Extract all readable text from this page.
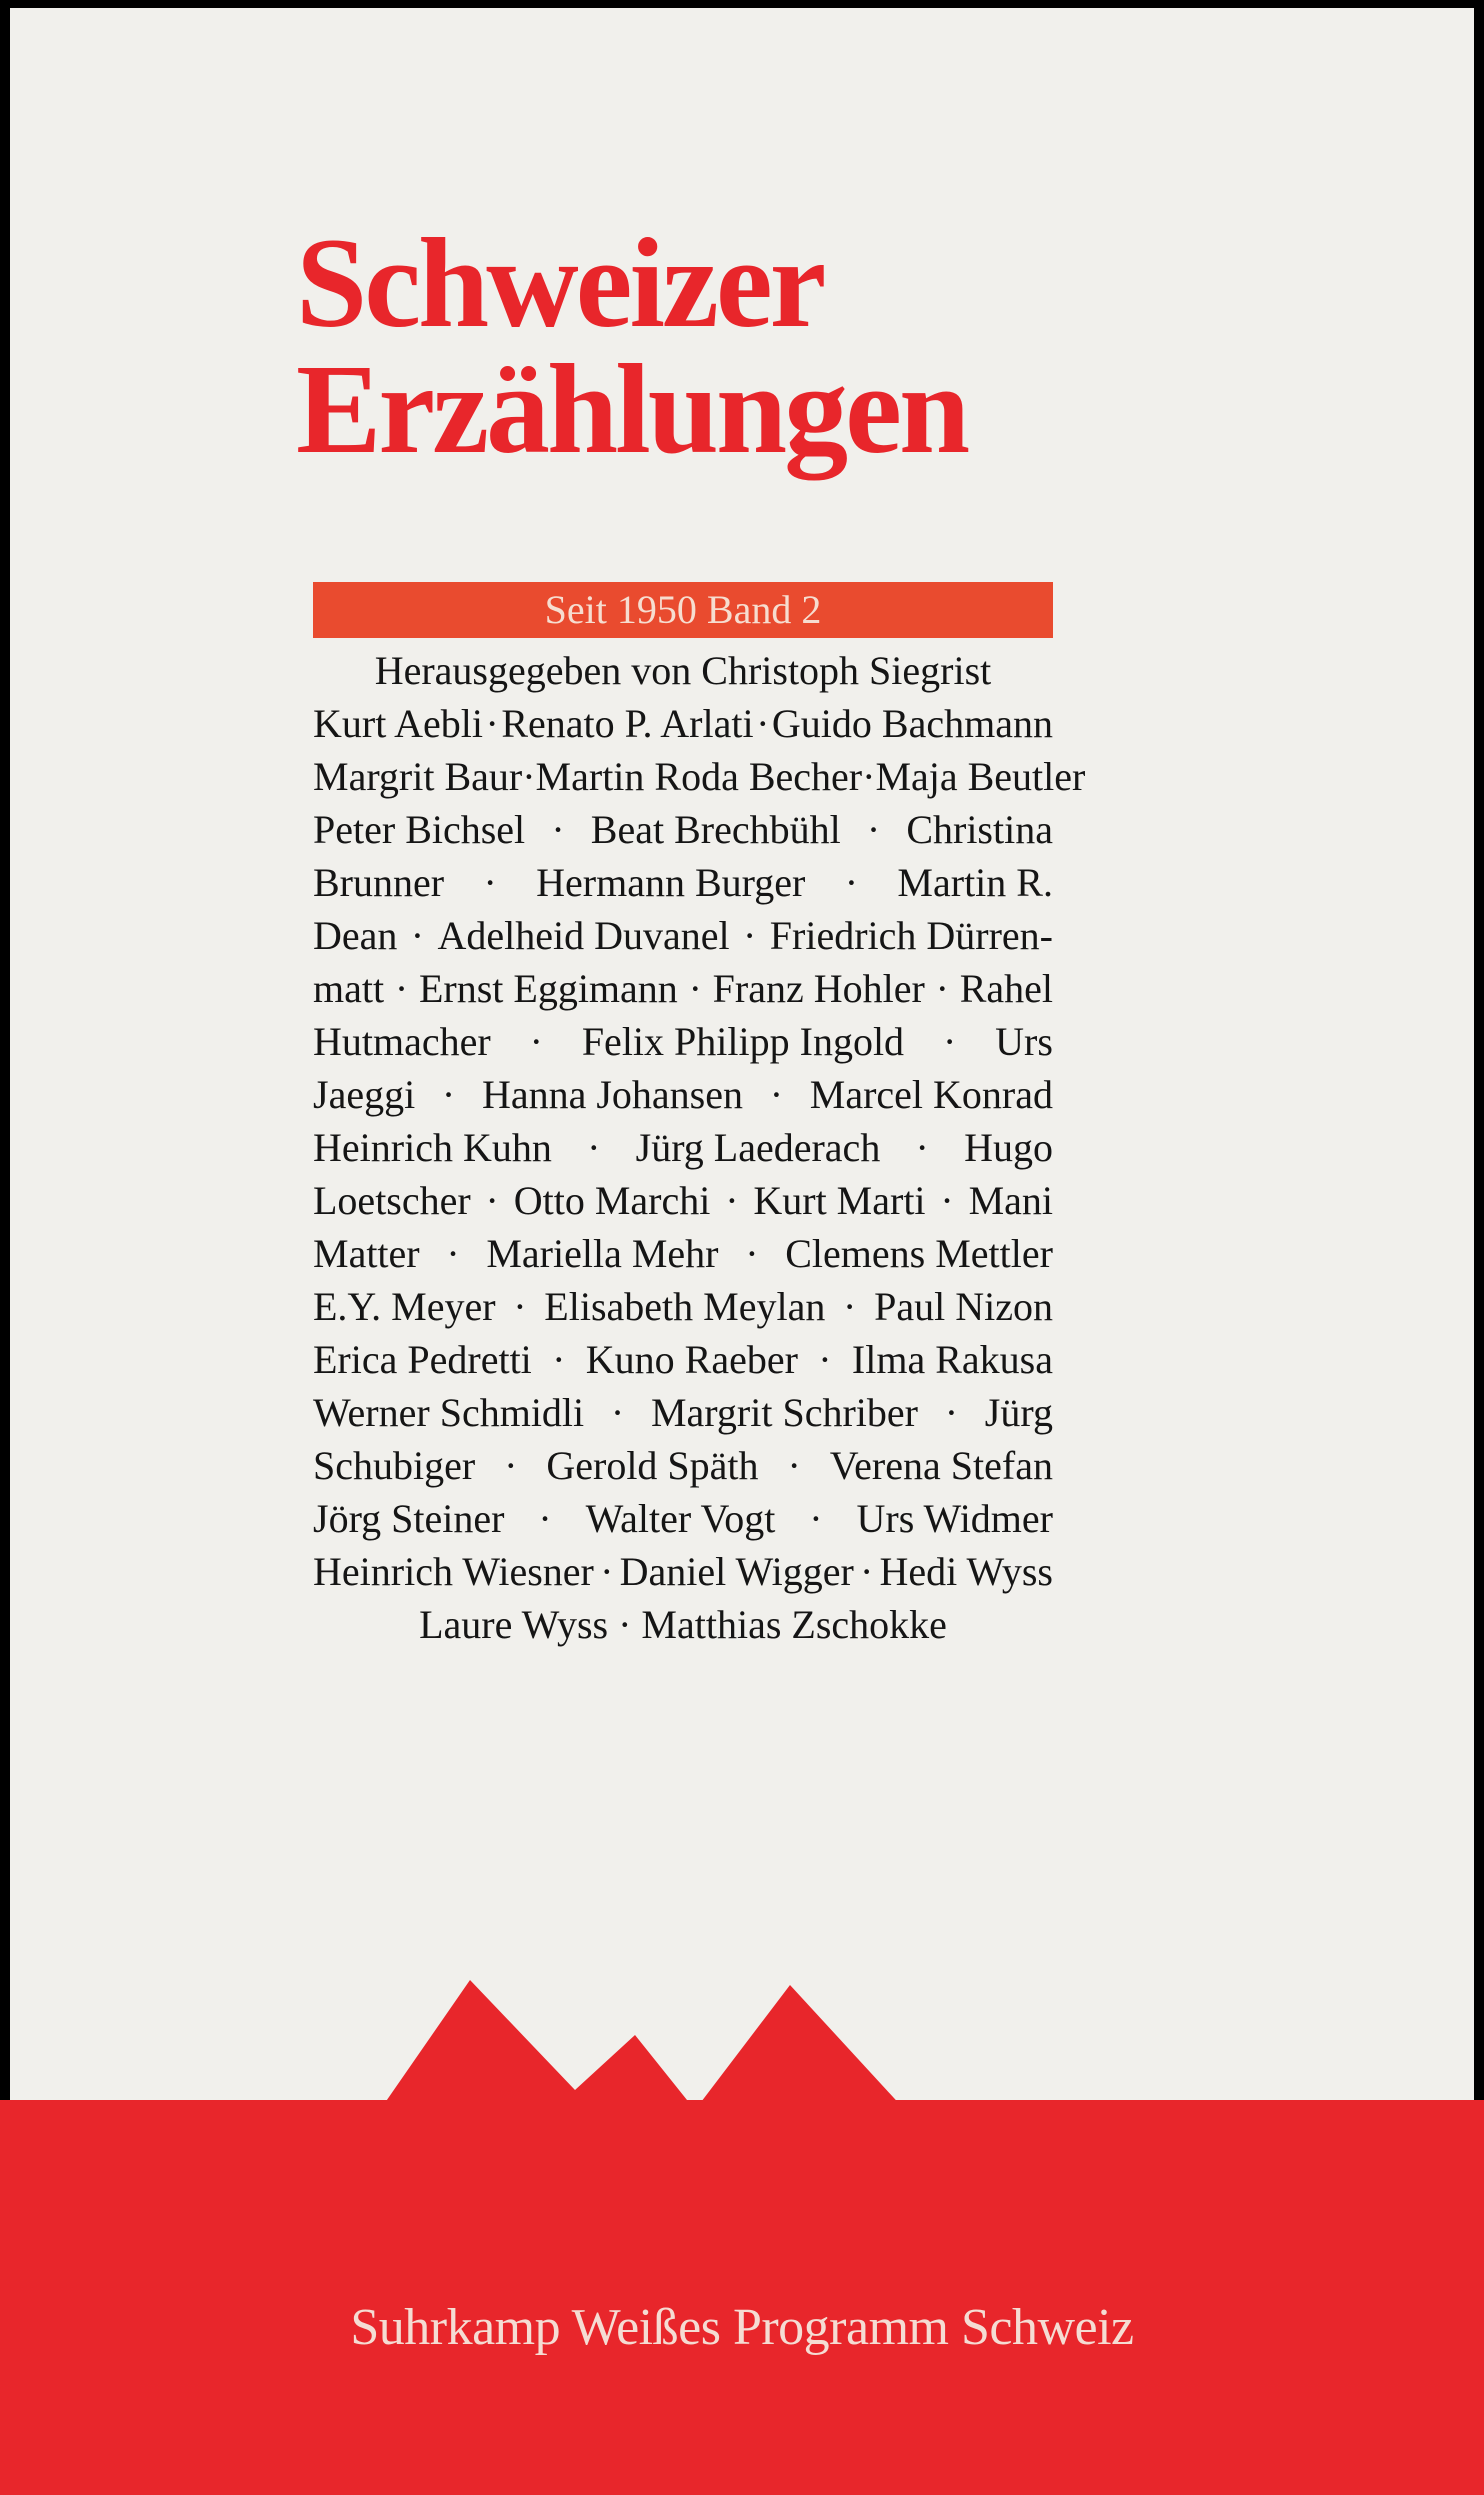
Schweizer
Erzählungen
Seit 1950 Band 2
Herausgegeben von Christoph Siegrist
Kurt Aebli · Renato P. Arlati · Guido Bachmann
Margrit Baur · Martin Roda Becher · Maja Beutler
Peter Bichsel · Beat Brechbühl · Christina
Brunner · Hermann Burger · Martin R.
Dean · Adelheid Duvanel · Friedrich Dürren-
matt · Ernst Eggimann · Franz Hohler · Rahel
Hutmacher · Felix Philipp Ingold · Urs
Jaeggi · Hanna Johansen · Marcel Konrad
Heinrich Kuhn · Jürg Laederach · Hugo
Loetscher · Otto Marchi · Kurt Marti · Mani
Matter · Mariella Mehr · Clemens Mettler
E.Y. Meyer · Elisabeth Meylan · Paul Nizon
Erica Pedretti · Kuno Raeber · Ilma Rakusa
Werner Schmidli · Margrit Schriber · Jürg
Schubiger · Gerold Späth · Verena Stefan
Jörg Steiner · Walter Vogt · Urs Widmer
Heinrich Wiesner · Daniel Wigger · Hedi Wyss
Laure Wyss · Matthias Zschokke
Suhrkamp Weißes Programm Schweiz
